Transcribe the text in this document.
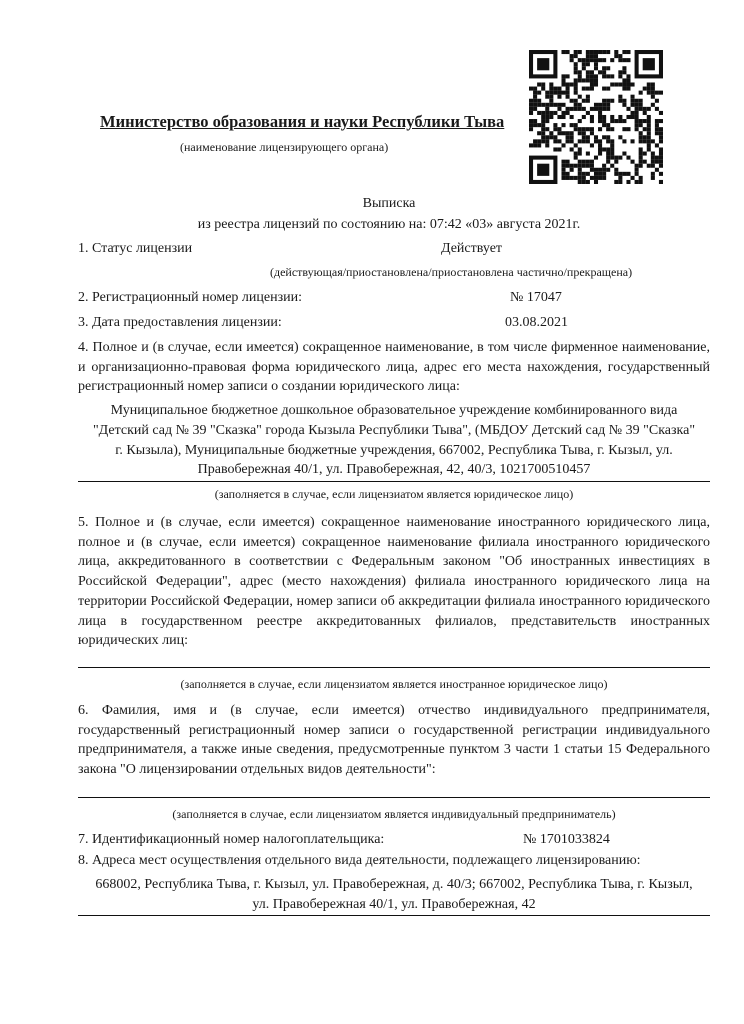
Министерство образования и науки Республики Тыва
(наименование лицензирующего органа)
Выписка
из реестра лицензий по состоянию на: 07:42 «03» августа 2021г.
1. Статус лицензии	Действует
(действующая/приостановлена/приостановлена частично/прекращена)
2. Регистрационный номер лицензии:	№ 17047
3. Дата предоставления лицензии:	03.08.2021
4. Полное и (в случае, если имеется) сокращенное наименование, в том числе фирменное наименование, и организационно-правовая форма юридического лица, адрес его места нахождения, государственный регистрационный номер записи о создании юридического лица:
Муниципальное бюджетное дошкольное образовательное учреждение комбинированного вида
"Детский сад № 39 "Сказка" города Кызыла Республики Тыва", (МБДОУ Детский сад № 39 "Сказка"
г. Кызыла), Муниципальные бюджетные учреждения, 667002, Республика Тыва, г. Кызыл, ул.
Правобережная 40/1, ул. Правобережная, 42, 40/3, 1021700510457
(заполняется в случае, если лицензиатом является юридическое лицо)
5. Полное и (в случае, если имеется) сокращенное наименование иностранного юридического лица, полное и (в случае, если имеется) сокращенное наименование филиала иностранного юридического лица, аккредитованного в соответствии с Федеральным законом "Об иностранных инвестициях в Российской Федерации", адрес (место нахождения) филиала иностранного юридического лица на территории Российской Федерации, номер записи об аккредитации филиала иностранного юридического лица в государственном реестре аккредитованных филиалов, представительств иностранных юридических лиц:
(заполняется в случае, если лицензиатом является иностранное юридическое лицо)
6. Фамилия, имя и (в случае, если имеется) отчество индивидуального предпринимателя, государственный регистрационный номер записи о государственной регистрации индивидуального предпринимателя, а также иные сведения, предусмотренные пунктом 3 части 1 статьи 15 Федерального закона "О лицензировании отдельных видов деятельности":
(заполняется в случае, если лицензиатом является индивидуальный предприниматель)
7. Идентификационный номер налогоплательщика:	№ 1701033824
8. Адреса мест осуществления отдельного вида деятельности, подлежащего лицензированию:
668002, Республика Тыва, г. Кызыл, ул. Правобережная, д. 40/3; 667002, Республика Тыва, г. Кызыл,
ул. Правобережная 40/1, ул. Правобережная, 42
